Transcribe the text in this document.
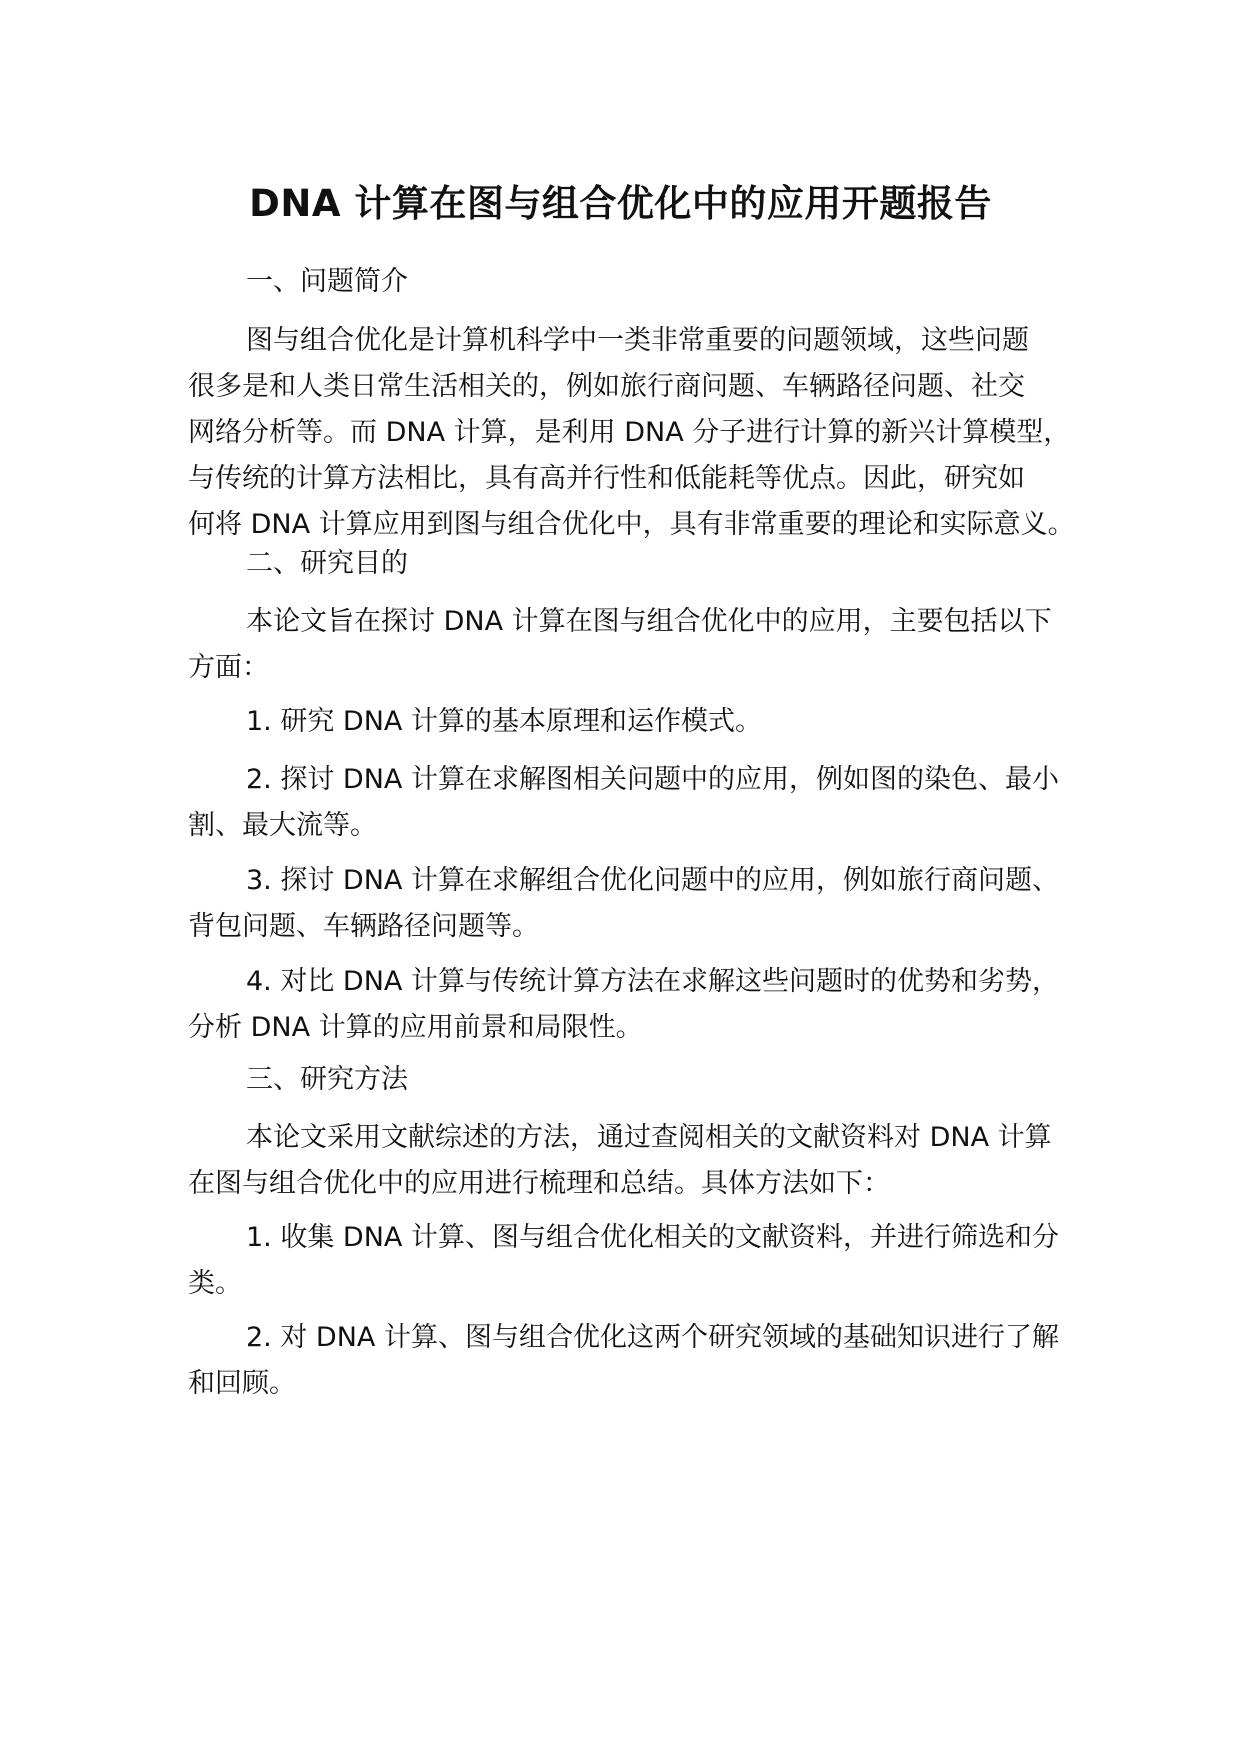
DNA 计算在图与组合优化中的应用开题报告
一、问题简介
图与组合优化是计算机科学中一类非常重要的问题领域，这些问题
很多是和人类日常生活相关的，例如旅行商问题、车辆路径问题、社交
网络分析等。而 DNA 计算，是利用 DNA 分子进行计算的新兴计算模型，
与传统的计算方法相比，具有高并行性和低能耗等优点。因此，研究如
何将 DNA 计算应用到图与组合优化中，具有非常重要的理论和实际意义。
二、研究目的
本论文旨在探讨 DNA 计算在图与组合优化中的应用，主要包括以下
方面：
1. 研究 DNA 计算的基本原理和运作模式。
2. 探讨 DNA 计算在求解图相关问题中的应用，例如图的染色、最小
割、最大流等。
3. 探讨 DNA 计算在求解组合优化问题中的应用，例如旅行商问题、
背包问题、车辆路径问题等。
4. 对比 DNA 计算与传统计算方法在求解这些问题时的优势和劣势，
分析 DNA 计算的应用前景和局限性。
三、研究方法
本论文采用文献综述的方法，通过查阅相关的文献资料对 DNA 计算
在图与组合优化中的应用进行梳理和总结。具体方法如下：
1. 收集 DNA 计算、图与组合优化相关的文献资料，并进行筛选和分
类。
2. 对 DNA 计算、图与组合优化这两个研究领域的基础知识进行了解
和回顾。
